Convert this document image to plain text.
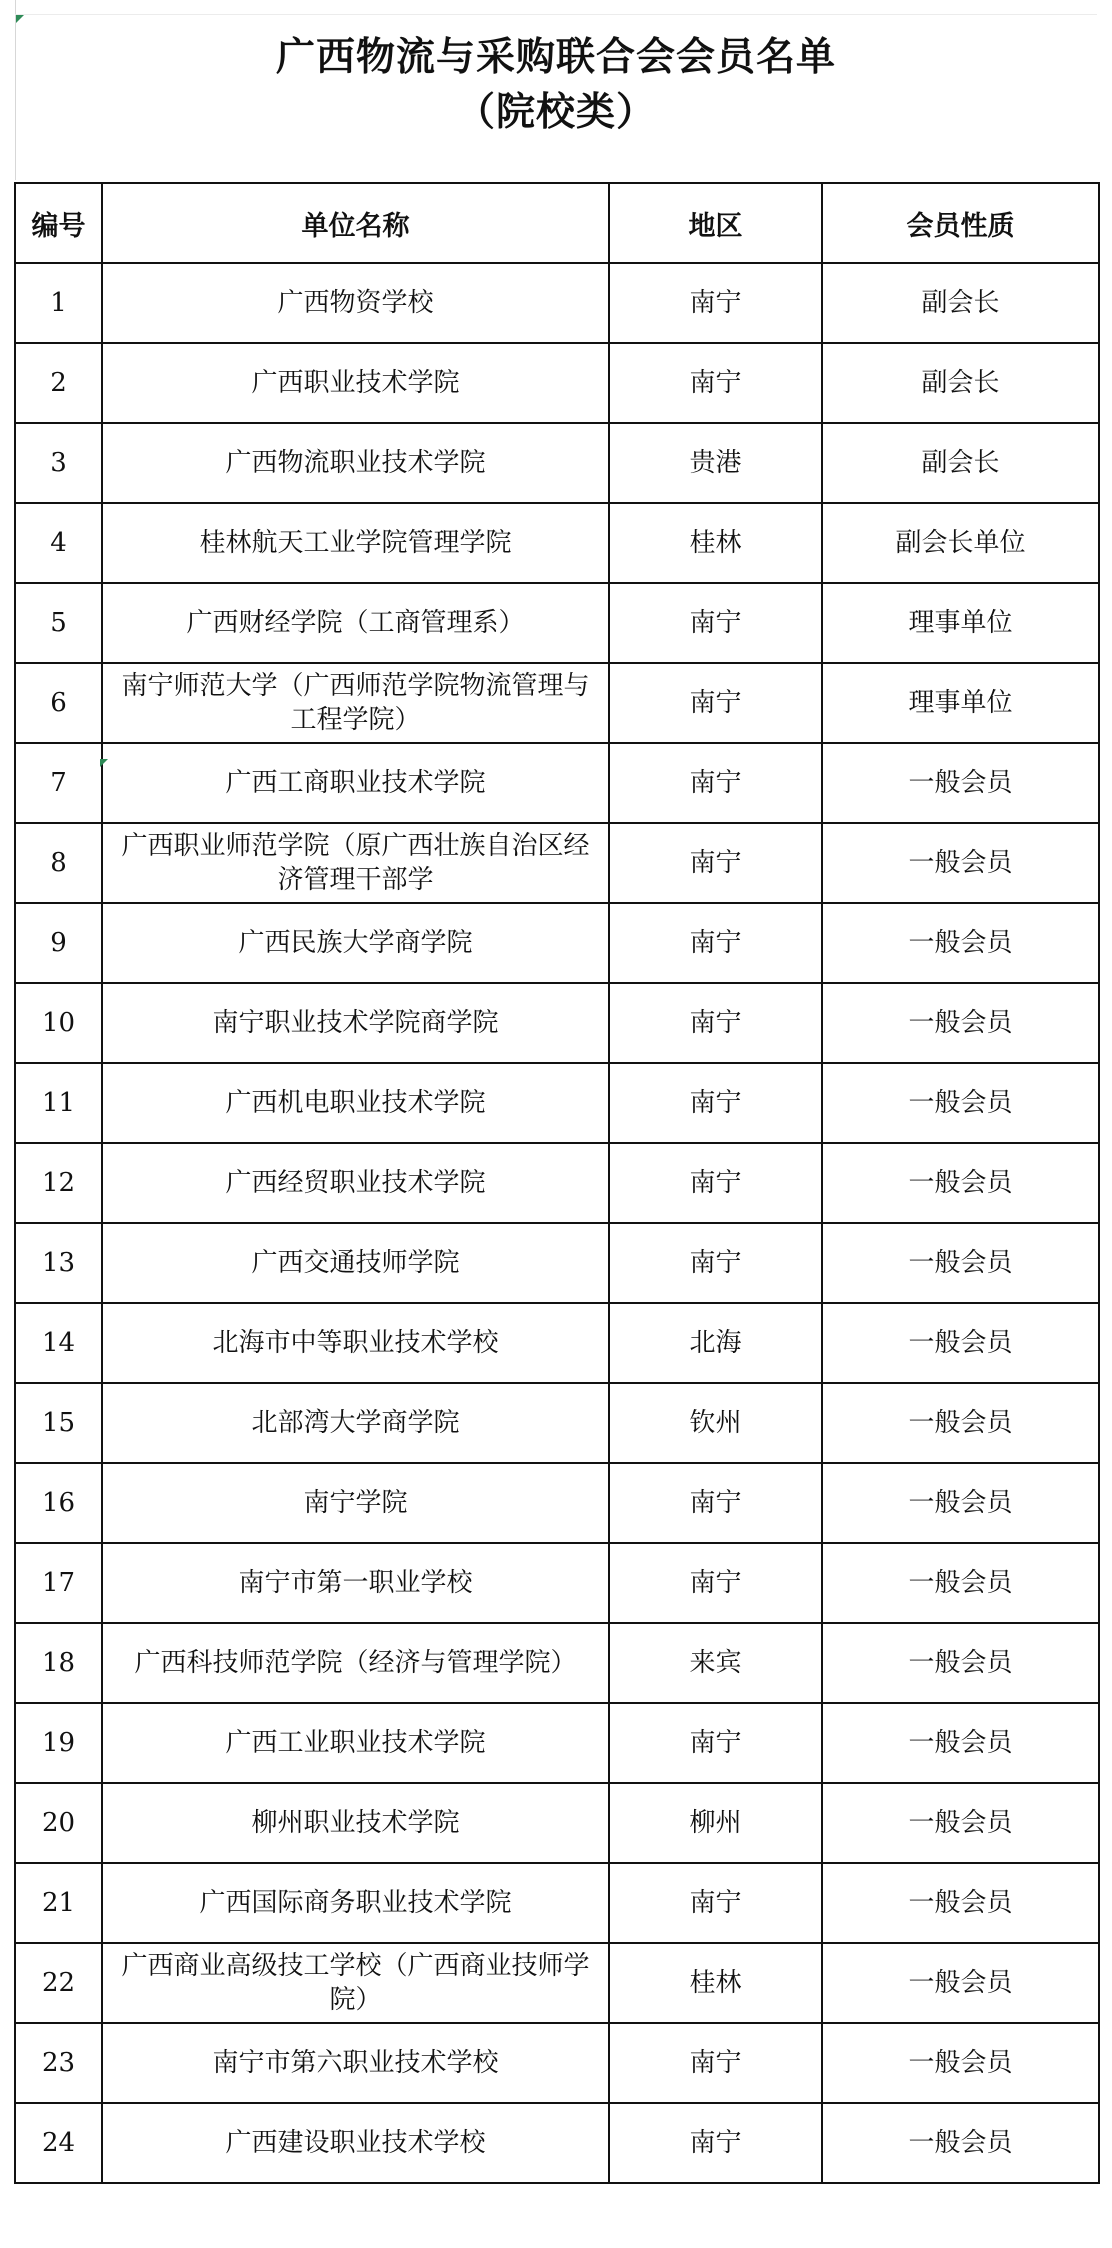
广西物流与采购联合会会员名单
（院校类）
编号	单位名称	地区	会员性质
1	广西物资学校	南宁	副会长
2	广西职业技术学院	南宁	副会长
3	广西物流职业技术学院	贵港	副会长
4	桂林航天工业学院管理学院	桂林	副会长单位
5	广西财经学院（工商管理系）	南宁	理事单位
6	南宁师范大学（广西师范学院物流管理与工程学院）	南宁	理事单位
7	广西工商职业技术学院	南宁	一般会员
8	广西职业师范学院（原广西壮族自治区经济管理干部学	南宁	一般会员
9	广西民族大学商学院	南宁	一般会员
10	南宁职业技术学院商学院	南宁	一般会员
11	广西机电职业技术学院	南宁	一般会员
12	广西经贸职业技术学院	南宁	一般会员
13	广西交通技师学院	南宁	一般会员
14	北海市中等职业技术学校	北海	一般会员
15	北部湾大学商学院	钦州	一般会员
16	南宁学院	南宁	一般会员
17	南宁市第一职业学校	南宁	一般会员
18	广西科技师范学院（经济与管理学院）	来宾	一般会员
19	广西工业职业技术学院	南宁	一般会员
20	柳州职业技术学院	柳州	一般会员
21	广西国际商务职业技术学院	南宁	一般会员
22	广西商业高级技工学校（广西商业技师学院）	桂林	一般会员
23	南宁市第六职业技术学校	南宁	一般会员
24	广西建设职业技术学校	南宁	一般会员
